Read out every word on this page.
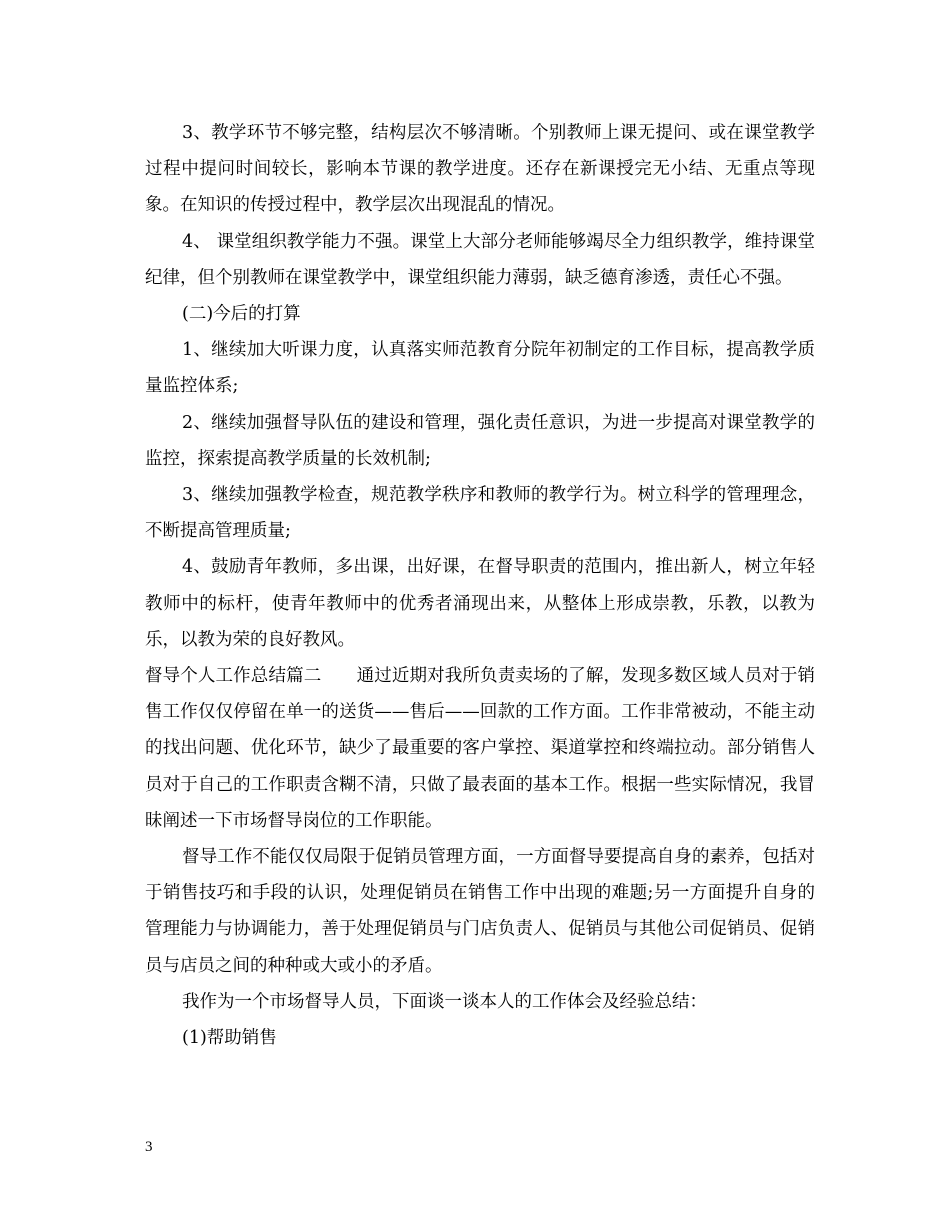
3、教学环节不够完整，结构层次不够清晰。个别教师上课无提问、或在课堂教学过程中提问时间较长，影响本节课的教学进度。还存在新课授完无小结、无重点等现象。在知识的传授过程中，教学层次出现混乱的情况。

4、 课堂组织教学能力不强。课堂上大部分老师能够竭尽全力组织教学，维持课堂纪律，但个别教师在课堂教学中，课堂组织能力薄弱，缺乏德育渗透，责任心不强。

(二)今后的打算

1、继续加大听课力度，认真落实师范教育分院年初制定的工作目标，提高教学质量监控体系;

2、继续加强督导队伍的建设和管理，强化责任意识，为进一步提高对课堂教学的监控，探索提高教学质量的长效机制;

3、继续加强教学检查，规范教学秩序和教师的教学行为。树立科学的管理理念，不断提高管理质量;

4、鼓励青年教师，多出课，出好课，在督导职责的范围内，推出新人，树立年轻教师中的标杆，使青年教师中的优秀者涌现出来，从整体上形成崇教，乐教，以教为乐，以教为荣的良好教风。

督导个人工作总结篇二　　通过近期对我所负责卖场的了解，发现多数区域人员对于销售工作仅仅停留在单一的送货——售后——回款的工作方面。工作非常被动，不能主动的找出问题、优化环节，缺少了最重要的客户掌控、渠道掌控和终端拉动。部分销售人员对于自己的工作职责含糊不清，只做了最表面的基本工作。根据一些实际情况，我冒昧阐述一下市场督导岗位的工作职能。

督导工作不能仅仅局限于促销员管理方面，一方面督导要提高自身的素养，包括对于销售技巧和手段的认识，处理促销员在销售工作中出现的难题;另一方面提升自身的管理能力与协调能力，善于处理促销员与门店负责人、促销员与其他公司促销员、促销员与店员之间的种种或大或小的矛盾。

我作为一个市场督导人员，下面谈一谈本人的工作体会及经验总结：

(1)帮助销售

3
